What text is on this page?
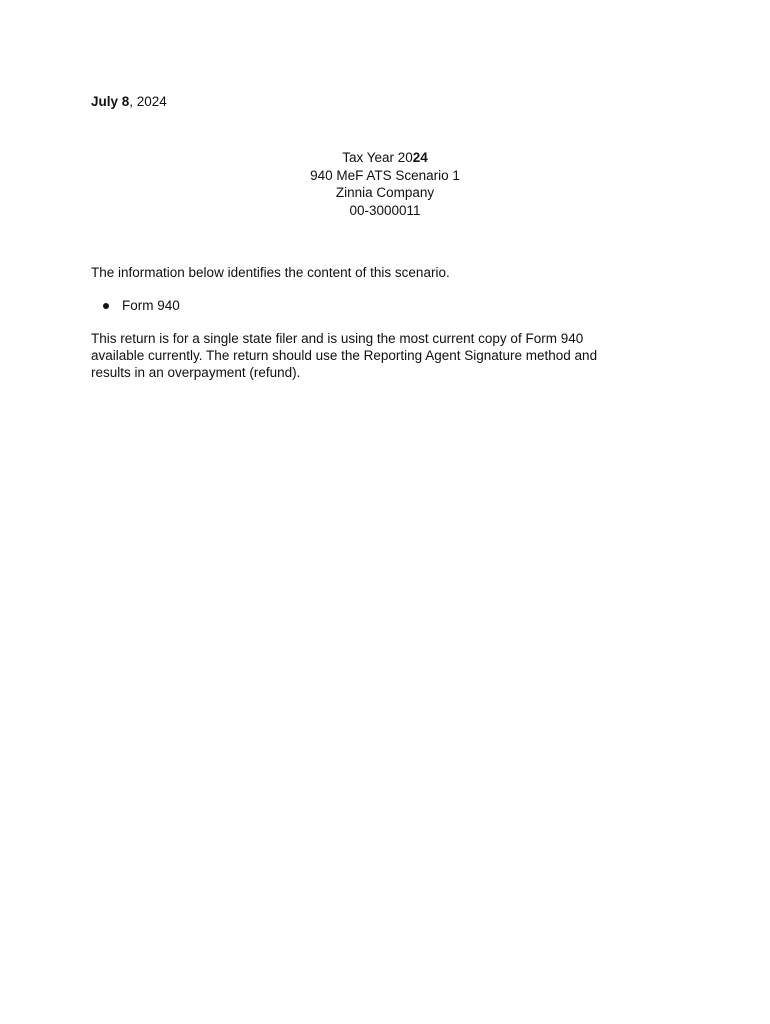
July 8, 2024
Tax Year 2024
940 MeF ATS Scenario 1
Zinnia Company
00-3000011
The information below identifies the content of this scenario.
Form 940

This return is for a single state filer and is using the most current copy of Form 940
available currently. The return should use the Reporting Agent Signature method and
results in an overpayment (refund).
